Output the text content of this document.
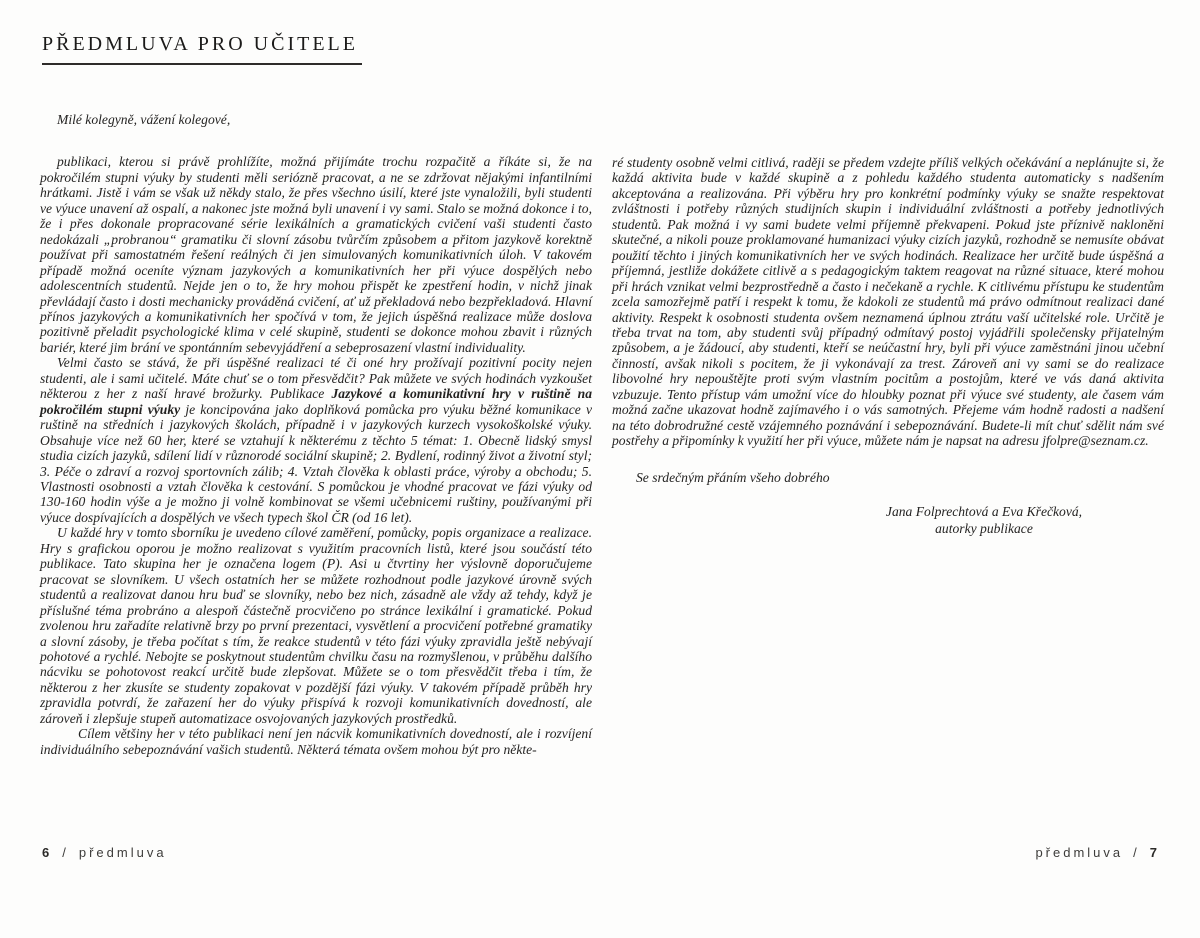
PŘEDMLUVA PRO UČITELE

Milé kolegyně, vážení kolegové,

publikaci, kterou si právě prohlížíte, možná přijímáte trochu rozpačitě a říkáte si, že na pokročilém stupni výuky by studenti měli seriózně pracovat, a ne se zdržovat nějakými infantilními hrátkami. Jistě i vám se však už někdy stalo, že přes všechno úsilí, které jste vynaložili, byli studenti ve výuce unavení až ospalí, a nakonec jste možná byli unavení i vy sami. Stalo se možná dokonce i to, že i přes dokonale propracované série lexikálních a gramatických cvičení vaši studenti často nedokázali „probranou“ gramatiku či slovní zásobu tvůrčím způsobem a přitom jazykově korektně používat při samostatném řešení reálných či jen simulovaných komunikativních úloh. V takovém případě možná oceníte význam jazykových a komunikativních her při výuce dospělých nebo adolescentních studentů. Nejde jen o to, že hry mohou přispět ke zpestření hodin, v nichž jinak převládají často i dosti mechanicky prováděná cvičení, ať už překladová nebo bezpřekladová. Hlavní přínos jazykových a komunikativních her spočívá v tom, že jejich úspěšná realizace může doslova pozitivně přeladit psychologické klima v celé skupině, studenti se dokonce mohou zbavit i různých bariér, které jim brání ve spontánním sebevyjádření a sebeprosazení vlastní individuality.

Velmi často se stává, že při úspěšné realizaci té či oné hry prožívají pozitivní pocity nejen studenti, ale i sami učitelé. Máte chuť se o tom přesvědčit? Pak můžete ve svých hodinách vyzkoušet některou z her z naší hravé brožurky. Publikace Jazykové a komunikativní hry v ruštině na pokročilém stupni výuky je koncipována jako doplňková pomůcka pro výuku běžné komunikace v ruštině na středních i jazykových školách, případně i v jazykových kurzech vysokoškolské výuky. Obsahuje více než 60 her, které se vztahují k některému z těchto 5 témat: 1. Obecně lidský smysl studia cizích jazyků, sdílení lidí v různorodé sociální skupině; 2. Bydlení, rodinný život a životní styl; 3. Péče o zdraví a rozvoj sportovních zálib; 4. Vztah člověka k oblasti práce, výroby a obchodu; 5. Vlastnosti osobnosti a vztah člověka k cestování. S pomůckou je vhodné pracovat ve fázi výuky od 130-160 hodin výše a je možno ji volně kombinovat se všemi učebnicemi ruštiny, používanými při výuce dospívajících a dospělých ve všech typech škol ČR (od 16 let).

U každé hry v tomto sborníku je uvedeno cílové zaměření, pomůcky, popis organizace a realizace. Hry s grafickou oporou je možno realizovat s využitím pracovních listů, které jsou součástí této publikace. Tato skupina her je označena logem (P). Asi u čtvrtiny her výslovně doporučujeme pracovat se slovníkem. U všech ostatních her se můžete rozhodnout podle jazykové úrovně svých studentů a realizovat danou hru buď se slovníky, nebo bez nich, zásadně ale vždy až tehdy, když je příslušné téma probráno a alespoň částečně procvičeno po stránce lexikální i gramatické. Pokud zvolenou hru zařadíte relativně brzy po první prezentaci, vysvětlení a procvičení potřebné gramatiky a slovní zásoby, je třeba počítat s tím, že reakce studentů v této fázi výuky zpravidla ještě nebývají pohotové a rychlé. Nebojte se poskytnout studentům chvilku času na rozmyšlenou, v průběhu dalšího nácviku se pohotovost reakcí určitě bude zlepšovat. Můžete se o tom přesvědčit třeba i tím, že některou z her zkusíte se studenty zopakovat v pozdější fázi výuky. V takovém případě průběh hry zpravidla potvrdí, že zařazení her do výuky přispívá k rozvoji komunikativních dovedností, ale zároveň i zlepšuje stupeň automatizace osvojovaných jazykových prostředků.

Cílem většiny her v této publikaci není jen nácvik komunikativních dovedností, ale i rozvíjení individuálního sebepoznávání vašich studentů. Některá témata ovšem mohou být pro někte-

6 / předmluva

ré studenty osobně velmi citlivá, raději se předem vzdejte příliš velkých očekávání a neplánujte si, že každá aktivita bude v každé skupině a z pohledu každého studenta automaticky s nadšením akceptována a realizována. Při výběru hry pro konkrétní podmínky výuky se snažte respektovat zvláštnosti i potřeby různých studijních skupin i individuální zvláštnosti a potřeby jednotlivých studentů. Pak možná i vy sami budete velmi příjemně překvapeni. Pokud jste příznivě nakloněni skutečné, a nikoli pouze proklamované humanizaci výuky cizích jazyků, rozhodně se nemusíte obávat použití těchto i jiných komunikativních her ve svých hodinách. Realizace her určitě bude úspěšná a příjemná, jestliže dokážete citlivě a s pedagogickým taktem reagovat na různé situace, které mohou při hrách vznikat velmi bezprostředně a často i nečekaně a rychle. K citlivému přístupu ke studentům zcela samozřejmě patří i respekt k tomu, že kdokoli ze studentů má právo odmítnout realizaci dané aktivity. Respekt k osobnosti studenta ovšem neznamená úplnou ztrátu vaší učitelské role. Určitě je třeba trvat na tom, aby studenti svůj případný odmítavý postoj vyjádřili společensky přijatelným způsobem, a je žádoucí, aby studenti, kteří se neúčastní hry, byli při výuce zaměstnáni jinou učební činností, avšak nikoli s pocitem, že ji vykonávají za trest. Zároveň ani vy sami se do realizace libovolné hry nepouštějte proti svým vlastním pocitům a postojům, které ve vás daná aktivita vzbuzuje. Tento přístup vám umožní více do hloubky poznat při výuce své studenty, ale časem vám možná začne ukazovat hodně zajímavého i o vás samotných. Přejeme vám hodně radosti a nadšení na této dobrodružné cestě vzájemného poznávání i sebepoznávání. Budete-li mít chuť sdělit nám své postřehy a připomínky k využití her při výuce, můžete nám je napsat na adresu jfolpre@seznam.cz.

Se srdečným přáním všeho dobrého

Jana Folprechtová a Eva Křečková,

autorky publikace

předmluva / 7
